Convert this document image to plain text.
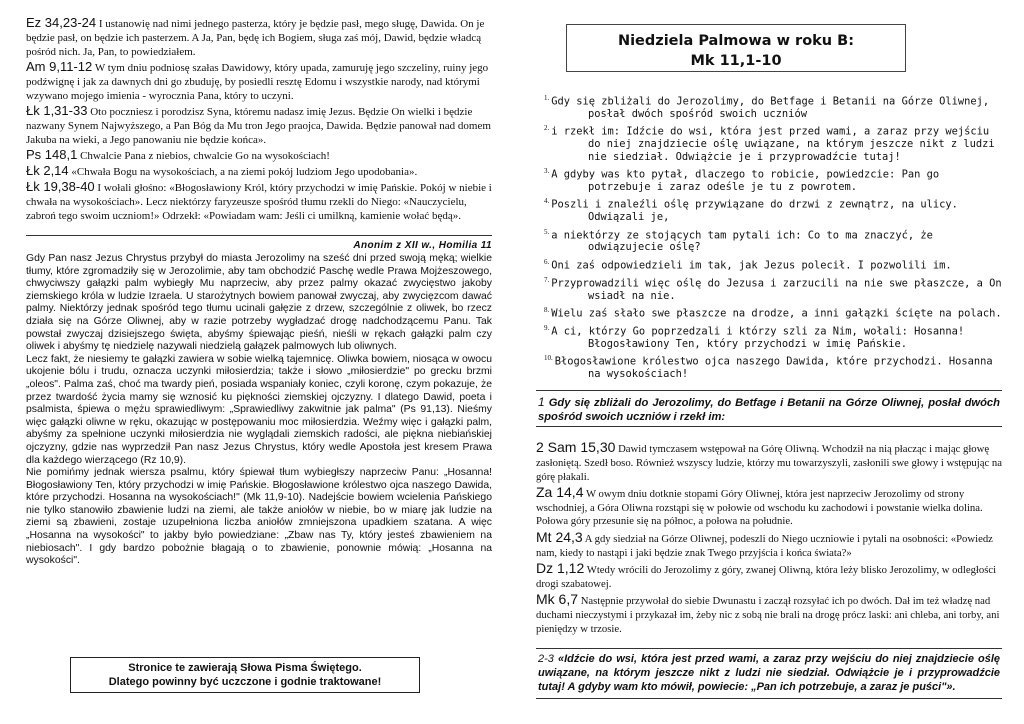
Ez 34,23-24 I ustanowię nad nimi jednego pasterza, który je będzie pasł, mego sługę, Dawida. On je będzie pasł, on będzie ich pasterzem. A Ja, Pan, będę ich Bogiem, sługa zaś mój, Dawid, będzie władcą pośród nich. Ja, Pan, to powiedziałem.

Am 9,11-12 W tym dniu podniosę szałas Dawidowy, który upada, zamuruję jego szczeliny, ruiny jego podźwignę i jak za dawnych dni go zbuduję, by posiedli resztę Edomu i wszystkie narody, nad którymi wzywano mojego imienia - wyrocznia Pana, który to uczyni.

Łk 1,31-33 Oto poczniesz i porodzisz Syna, któremu nadasz imię Jezus. Będzie On wielki i będzie nazwany Synem Najwyższego, a Pan Bóg da Mu tron Jego praojca, Dawida. Będzie panował nad domem Jakuba na wieki, a Jego panowaniu nie będzie końca».

Ps 148,1 Chwalcie Pana z niebios, chwalcie Go na wysokościach!

Łk 2,14 «Chwała Bogu na wysokościach, a na ziemi pokój ludziom Jego upodobania».

Łk 19,38-40 I wołali głośno: «Błogosławiony Król, który przychodzi w imię Pańskie. Pokój w niebie i chwała na wysokościach». Lecz niektórzy faryzeusze spośród tłumu rzekli do Niego: «Nauczycielu, zabroń tego swoim uczniom!» Odrzekł: «Powiadam wam: Jeśli ci umilkną, kamienie wołać będą».

Anonim z XII w., Homilia 11

Gdy Pan nasz Jezus Chrystus przybył do miasta Jerozolimy na sześć dni przed swoją męką; wielkie tłumy, które zgromadziły się w Jerozolimie, aby tam obchodzić Paschę wedle Prawa Mojżeszowego, chwyciwszy gałązki palm wybiegły Mu naprzeciw, aby przez palmy okazać zwycięstwo jakoby ziemskiego króla w ludzie Izraela. U starożytnych bowiem panował zwyczaj, aby zwycięzcom dawać palmy. Niektórzy jednak spośród tego tłumu ucinali gałęzie z drzew, szczególnie z oliwek, bo rzecz działa się na Górze Oliwnej, aby w razie potrzeby wygładzać drogę nadchodzącemu Panu. Tak powstał zwyczaj dzisiejszego święta, abyśmy śpiewając pieśń, nieśli w rękach gałązki palm czy oliwek i abyśmy tę niedzielę nazywali niedzielą gałązek palmowych lub oliwnych.

Lecz fakt, że niesiemy te gałązki zawiera w sobie wielką tajemnicę. Oliwka bowiem, niosąca w owocu ukojenie bólu i trudu, oznacza uczynki miłosierdzia; także i słowo „miłosierdzie" po grecku brzmi „oleos". Palma zaś, choć ma twardy pień, posiada wspaniały koniec, czyli koronę, czym pokazuje, że przez twardość życia mamy się wznosić ku piękności ziemskiej ojczyzny. I dlatego Dawid, poeta i psalmista, śpiewa o mężu sprawiedliwym: „Sprawiedliwy zakwitnie jak palma" (Ps 91,13). Nieśmy więc gałązki oliwne w ręku, okazując w postępowaniu moc miłosierdzia. Weźmy więc i gałązki palm, abyśmy za spełnione uczynki miłosierdzia nie wyglądali ziemskich radości, ale piękna niebiańskiej ojczyzny, gdzie nas wyprzedził Pan nasz Jezus Chrystus, który wedle Apostoła jest kresem Prawa dla każdego wierzącego (Rz 10,9).

Nie pomińmy jednak wiersza psalmu, który śpiewał tłum wybiegłszy naprzeciw Panu: „Hosanna! Błogosławiony Ten, który przychodzi w imię Pańskie. Błogosławione królestwo ojca naszego Dawida, które przychodzi. Hosanna na wysokościach!" (Mk 11,9-10). Nadejście bowiem wcielenia Pańskiego nie tylko stanowiło zbawienie ludzi na ziemi, ale także aniołów w niebie, bo w miarę jak ludzie na ziemi są zbawieni, zostaje uzupełniona liczba aniołów zmniejszona upadkiem szatana. A więc „Hosanna na wysokości" to jakby było powiedziane: „Zbaw nas Ty, który jesteś zbawieniem na niebiosach". I gdy bardzo pobożnie błagają o to zbawienie, ponownie mówią: „Hosanna na wysokości".

Stronice te zawierają Słowa Pisma Świętego.
Dlatego powinny być uczczone i godnie traktowane!
Niedziela Palmowa w roku B:
Mk 11,1-10

$^{1.}$ Gdy się zbliżali do Jerozolimy, do Betfage i Betanii na Górze Oliwnej, posłał dwóch spośród swoich uczniów

$^{2.}$ i rzekł im: Idźcie do wsi, która jest przed wami, a zaraz przy wejściu do niej znajdziecie oślę uwiązane, na którym jeszcze nikt z ludzi nie siedział. Odwiążcie je i przyprowadźcie tutaj!

$^{3.}$ A gdyby was kto pytał, dlaczego to robicie, powiedzcie: Pan go potrzebuje i zaraz odeśle je tu z powrotem.

$^{4.}$ Poszli i znaleźli oślę przywiązane do drzwi z zewnątrz, na ulicy. Odwiązali je,

$^{5.}$ a niektórzy ze stojących tam pytali ich: Co to ma znaczyć, że odwiązujecie oślę?

$^{6.}$ Oni zaś odpowiedzieli im tak, jak Jezus polecił. I pozwolili im.

$^{7.}$ Przyprowadzili więc oślę do Jezusa i zarzucili na nie swe płaszcze, a On wsiadł na nie.

$^{8.}$ Wielu zaś słało swe płaszcze na drodze, a inni gałązki ścięte na polach.

$^{9.}$ A ci, którzy Go poprzedzali i którzy szli za Nim, wołali: Hosanna! Błogosławiony Ten, który przychodzi w imię Pańskie.

$^{10.}$ Błogosławione królestwo ojca naszego Dawida, które przychodzi. Hosanna na wysokościach!

1 Gdy się zbliżali do Jerozolimy, do Betfage i Betanii na Górze Oliwnej, posłał dwóch spośród swoich uczniów i rzekł im:

2 Sam 15,30 Dawid tymczasem wstępował na Górę Oliwną. Wchodził na nią płacząc i mając głowę zasłoniętą. Szedł boso. Również wszyscy ludzie, którzy mu towarzyszyli, zasłonili swe głowy i wstępując na górę płakali.

Za 14,4 W owym dniu dotknie stopami Góry Oliwnej, która jest naprzeciw Jerozolimy od strony wschodniej, a Góra Oliwna rozstąpi się w połowie od wschodu ku zachodowi i powstanie wielka dolina. Połowa góry przesunie się na północ, a połowa na południe.

Mt 24,3 A gdy siedział na Górze Oliwnej, podeszli do Niego uczniowie i pytali na osobności: «Powiedz nam, kiedy to nastąpi i jaki będzie znak Twego przyjścia i końca świata?»

Dz 1,12 Wtedy wrócili do Jerozolimy z góry, zwanej Oliwną, która leży blisko Jerozolimy, w odległości drogi szabatowej.

Mk 6,7 Następnie przywołał do siebie Dwunastu i zaczął rozsyłać ich po dwóch. Dał im też władzę nad duchami nieczystymi i przykazał im, żeby nic z sobą nie brali na drogę prócz laski: ani chleba, ani torby, ani pieniędzy w trzosie.

2-3 «Idźcie do wsi, która jest przed wami, a zaraz przy wejściu do niej znajdziecie oślę uwiązane, na którym jeszcze nikt z ludzi nie siedział. Odwiążcie je i przyprowadźcie tutaj! A gdyby wam kto mówił, powiecie: „Pan ich potrzebuje, a zaraz je puści"».
